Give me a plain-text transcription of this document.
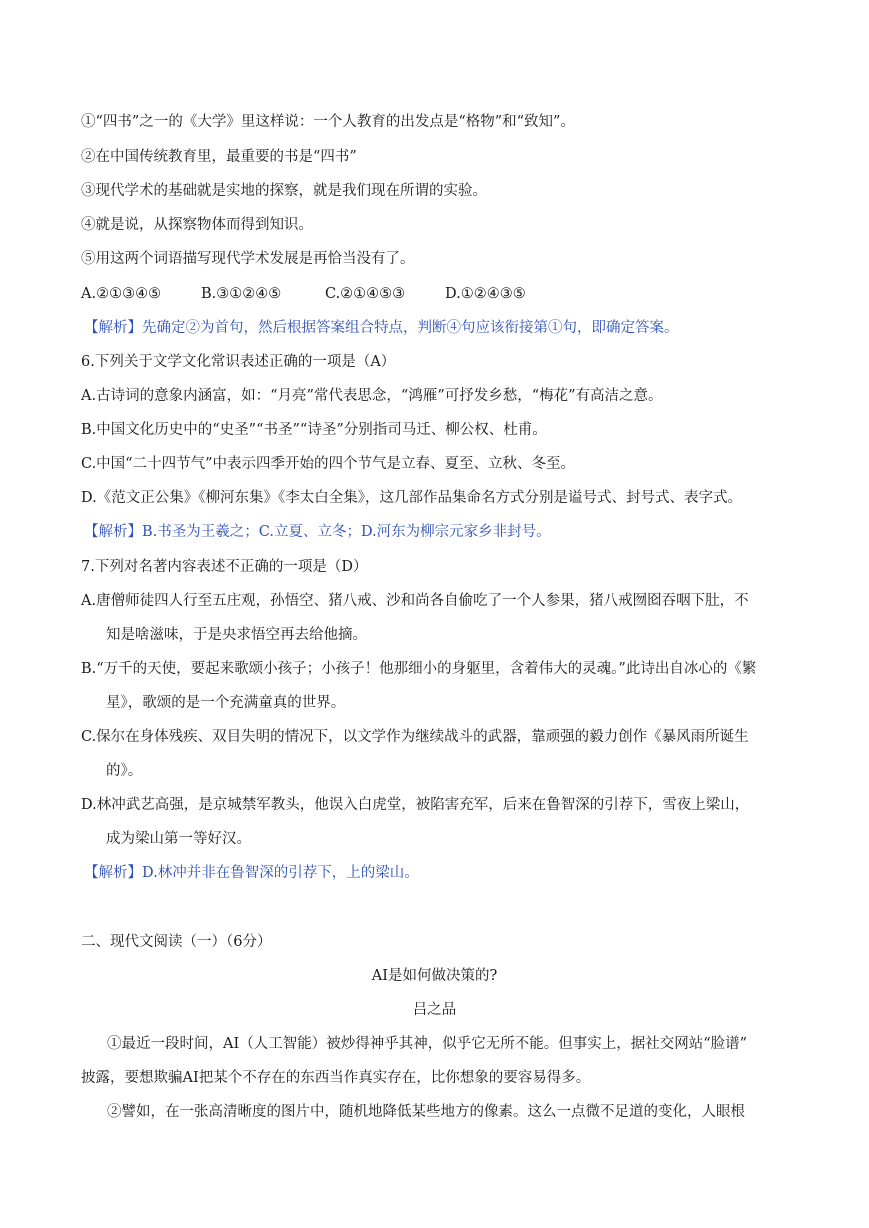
①“四书”之一的《大学》里这样说：一个人教育的出发点是“格物”和“致知”。
②在中国传统教育里，最重要的书是“四书”
③现代学术的基础就是实地的探察，就是我们现在所谓的实验。
④就是说，从探察物体而得到知识。
⑤用这两个词语描写现代学术发展是再恰当没有了。
A.②①③④⑤	B.③①②④⑤	C.②①④⑤③	D.①②④③⑤
【解析】先确定②为首句，然后根据答案组合特点，判断④句应该衔接第①句，即确定答案。
6.下列关于文学文化常识表述正确的一项是（A）
A.古诗词的意象内涵富，如：“月亮”常代表思念，“鸿雁”可抒发乡愁，“梅花”有高洁之意。
B.中国文化历史中的“史圣”“书圣”“诗圣”分别指司马迁、柳公权、杜甫。
C.中国“二十四节气”中表示四季开始的四个节气是立春、夏至、立秋、冬至。
D.《范文正公集》《柳河东集》《李太白全集》，这几部作品集命名方式分别是谥号式、封号式、表字式。
【解析】B.书圣为王羲之；C.立夏、立冬；D.河东为柳宗元家乡非封号。
7.下列对名著内容表述不正确的一项是（D）
A.唐僧师徒四人行至五庄观，孙悟空、猪八戒、沙和尚各自偷吃了一个人参果，猪八戒囫囵吞咽下肚，不
知是啥滋味，于是央求悟空再去给他摘。
B.“万千的天使，要起来歌颂小孩子；小孩子！他那细小的身躯里，含着伟大的灵魂。”此诗出自冰心的《繁
星》，歌颂的是一个充满童真的世界。
C.保尔在身体残疾、双目失明的情况下，以文学作为继续战斗的武器，靠顽强的毅力创作《暴风雨所诞生
的》。
D.林冲武艺高强，是京城禁军教头，他误入白虎堂，被陷害充军，后来在鲁智深的引荐下，雪夜上梁山，
成为梁山第一等好汉。
【解析】D.林冲并非在鲁智深的引荐下，上的梁山。
二、现代文阅读（一）（6分）
AI是如何做决策的?
吕之品
①最近一段时间，AI（人工智能）被炒得神乎其神，似乎它无所不能。但事实上，据社交网站“脸谱”
披露，要想欺骗AI把某个不存在的东西当作真实存在，比你想象的要容易得多。
②譬如，在一张高清晰度的图片中，随机地降低某些地方的像素。这么一点微不足道的变化，人眼根
